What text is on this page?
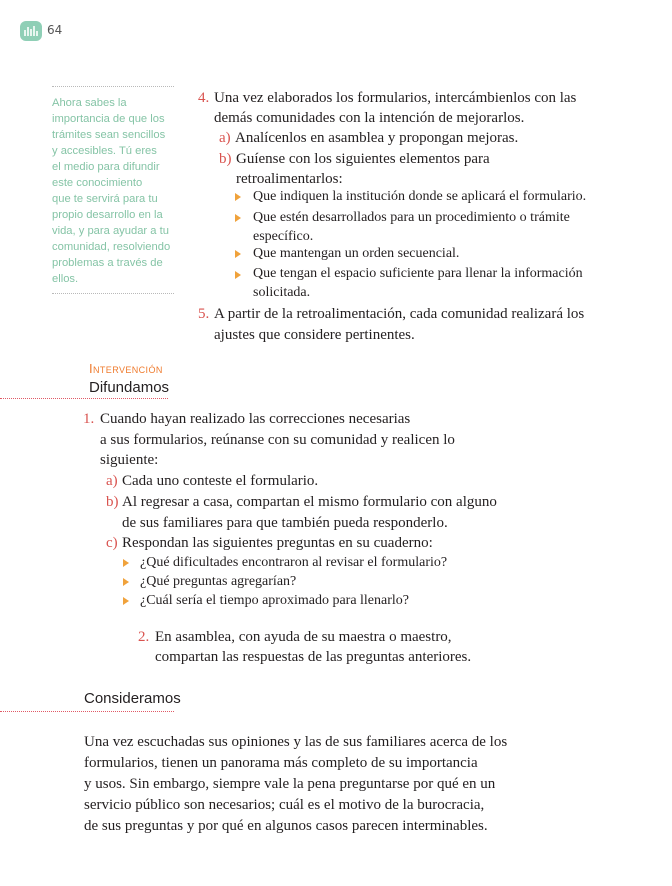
64

Ahora sabes la
importancia de que los
trámites sean sencillos
y accesibles. Tú eres
el medio para difundir
este conocimiento
que te servirá para tu
propio desarrollo en la
vida, y para ayudar a tu
comunidad, resolviendo
problemas a través de
ellos.

4. Una vez elaborados los formularios, intercámbienlos con las
demás comunidades con la intención de mejorarlos.
a) Analícenlos en asamblea y propongan mejoras.
b) Guíense con los siguientes elementos para
retroalimentarlos:
Que indiquen la institución donde se aplicará el formulario.
Que estén desarrollados para un procedimiento o trámite
específico.
Que mantengan un orden secuencial.
Que tengan el espacio suficiente para llenar la información
solicitada.
5. A partir de la retroalimentación, cada comunidad realizará los
ajustes que considere pertinentes.
Intervención
Difundamos
1. Cuando hayan realizado las correcciones necesarias
a sus formularios, reúnanse con su comunidad y realicen lo
siguiente:
a) Cada uno conteste el formulario.
b) Al regresar a casa, compartan el mismo formulario con alguno
de sus familiares para que también pueda responderlo.
c) Respondan las siguientes preguntas en su cuaderno:
¿Qué dificultades encontraron al revisar el formulario?
¿Qué preguntas agregarían?
¿Cuál sería el tiempo aproximado para llenarlo?
2. En asamblea, con ayuda de su maestra o maestro,
compartan las respuestas de las preguntas anteriores.
Consideramos
Una vez escuchadas sus opiniones y las de sus familiares acerca de los
formularios, tienen un panorama más completo de su importancia
y usos. Sin embargo, siempre vale la pena preguntarse por qué en un
servicio público son necesarios; cuál es el motivo de la burocracia,
de sus preguntas y por qué en algunos casos parecen interminables.
